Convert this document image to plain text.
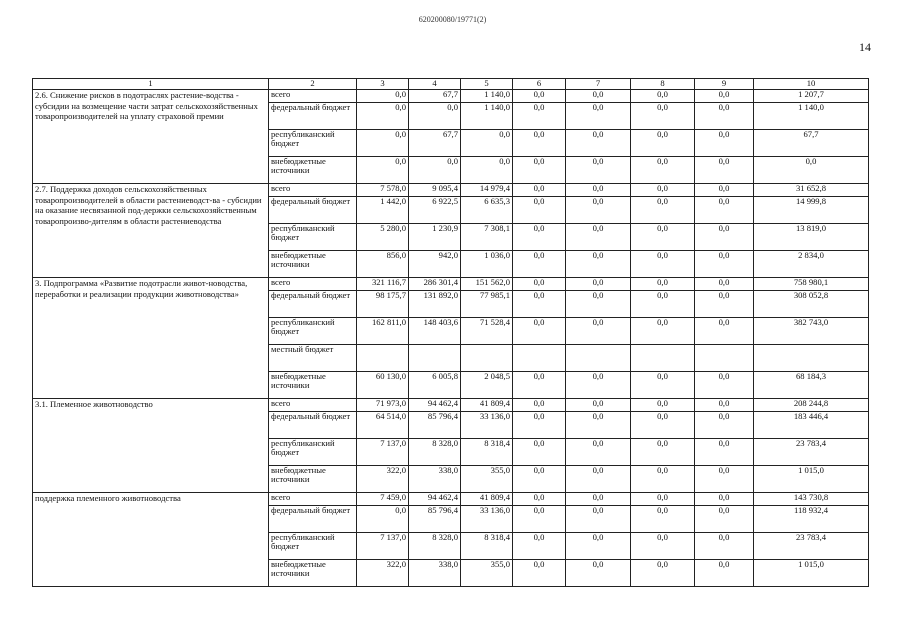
620200080/19771(2)
14
1	2	3	4	5	6	7	8	9	10
2.6. Снижение рисков в подотраслях растение-водства - субсидии на возмещение части затрат сельскохозяйственных товаропроизводителей на уплату страховой премии	всего	0,0	67,7	1 140,0	0,0	0,0	0,0	0,0	1 207,7
	федеральный бюджет	0,0	0,0	1 140,0	0,0	0,0	0,0	0,0	1 140,0
	республиканский бюджет	0,0	67,7	0,0	0,0	0,0	0,0	0,0	67,7
	внебюджетные источники	0,0	0,0	0,0	0,0	0,0	0,0	0,0	0,0
2.7. Поддержка доходов сельскохозяйственных товаропроизводителей в области растениеводст-ва - субсидии на оказание несвязанной под-держки сельскохозяйственным товаропроизво-дителям в области растениеводства	всего	7 578,0	9 095,4	14 979,4	0,0	0,0	0,0	0,0	31 652,8
	федеральный бюджет	1 442,0	6 922,5	6 635,3	0,0	0,0	0,0	0,0	14 999,8
	республиканский бюджет	5 280,0	1 230,9	7 308,1	0,0	0,0	0,0	0,0	13 819,0
	внебюджетные источники	856,0	942,0	1 036,0	0,0	0,0	0,0	0,0	2 834,0
3. Подпрограмма «Развитие подотрасли живот-новодства, переработки и реализации продукции животноводства»	всего	321 116,7	286 301,4	151 562,0	0,0	0,0	0,0	0,0	758 980,1
	федеральный бюджет	98 175,7	131 892,0	77 985,1	0,0	0,0	0,0	0,0	308 052,8
	республиканский бюджет	162 811,0	148 403,6	71 528,4	0,0	0,0	0,0	0,0	382 743,0
	местный бюджет								
	внебюджетные источники	60 130,0	6 005,8	2 048,5	0,0	0,0	0,0	0,0	68 184,3
3.1. Племенное животноводство	всего	71 973,0	94 462,4	41 809,4	0,0	0,0	0,0	0,0	208 244,8
	федеральный бюджет	64 514,0	85 796,4	33 136,0	0,0	0,0	0,0	0,0	183 446,4
	республиканский бюджет	7 137,0	8 328,0	8 318,4	0,0	0,0	0,0	0,0	23 783,4
	внебюджетные источники	322,0	338,0	355,0	0,0	0,0	0,0	0,0	1 015,0
поддержка племенного животноводства	всего	7 459,0	94 462,4	41 809,4	0,0	0,0	0,0	0,0	143 730,8
	федеральный бюджет	0,0	85 796,4	33 136,0	0,0	0,0	0,0	0,0	118 932,4
	республиканский бюджет	7 137,0	8 328,0	8 318,4	0,0	0,0	0,0	0,0	23 783,4
	внебюджетные источники	322,0	338,0	355,0	0,0	0,0	0,0	0,0	1 015,0
